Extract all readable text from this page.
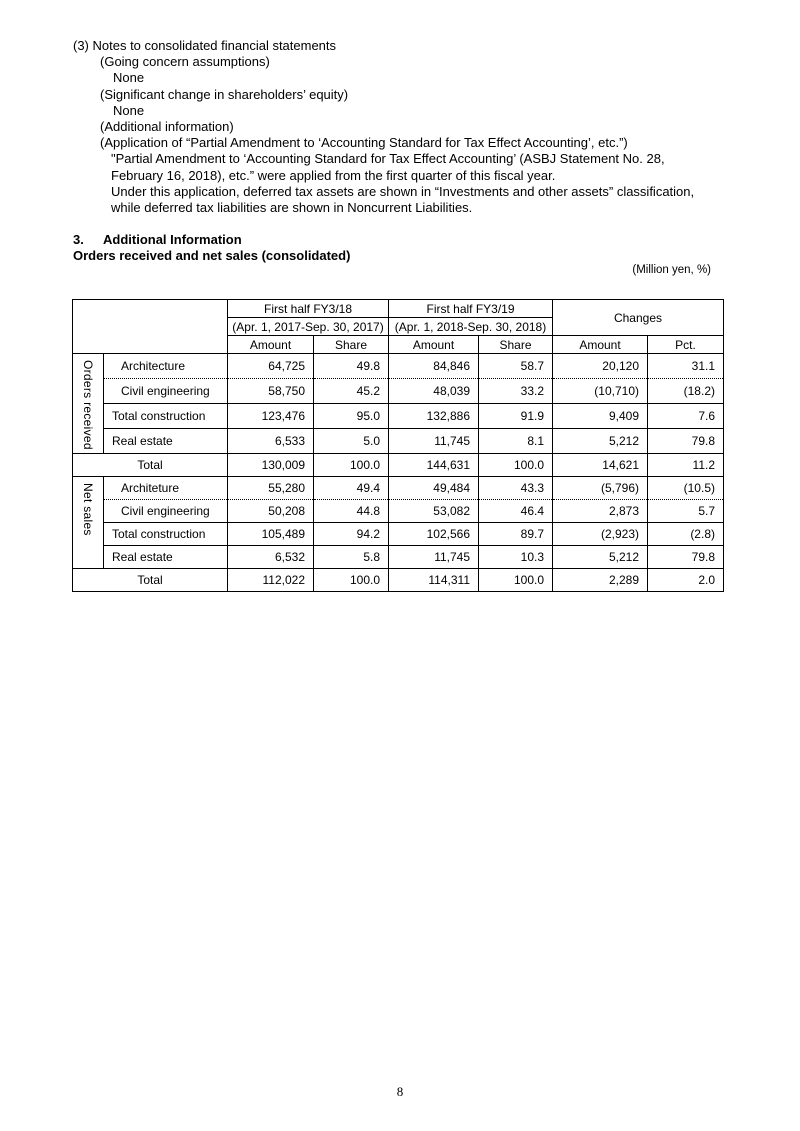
(3) Notes to consolidated financial statements
(Going concern assumptions)
None
(Significant change in shareholders’ equity)
None
(Additional information)
(Application of “Partial Amendment to ‘Accounting Standard for Tax Effect Accounting’, etc.”)
"Partial Amendment to ‘Accounting Standard for Tax Effect Accounting’ (ASBJ Statement No. 28,
February 16, 2018), etc.” were applied from the first quarter of this fiscal year.
Under this application, deferred tax assets are shown in “Investments and other assets” classification,
while deferred tax liabilities are shown in Noncurrent Liabilities.
3. Additional Information
Orders received and net sales (consolidated)
(Million yen, %)
		First half FY3/18		First half FY3/19		Changes	
		(Apr. 1, 2017-Sep. 30, 2017)		(Apr. 1, 2018-Sep. 30, 2018)			
		Amount	Share	Amount	Share	Amount	Pct.
Orders received	Architecture	64,725	49.8	84,846	58.7	20,120	31.1
	Civil engineering	58,750	45.2	48,039	33.2	(10,710)	(18.2)
	Total construction	123,476	95.0	132,886	91.9	9,409	7.6
	Real estate	6,533	5.0	11,745	8.1	5,212	79.8
Total		130,009	100.0	144,631	100.0	14,621	11.2
Net sales	Architeture	55,280	49.4	49,484	43.3	(5,796)	(10.5)
	Civil engineering	50,208	44.8	53,082	46.4	2,873	5.7
	Total construction	105,489	94.2	102,566	89.7	(2,923)	(2.8)
	Real estate	6,532	5.8	11,745	10.3	5,212	79.8
Total		112,022	100.0	114,311	100.0	2,289	2.0
8
